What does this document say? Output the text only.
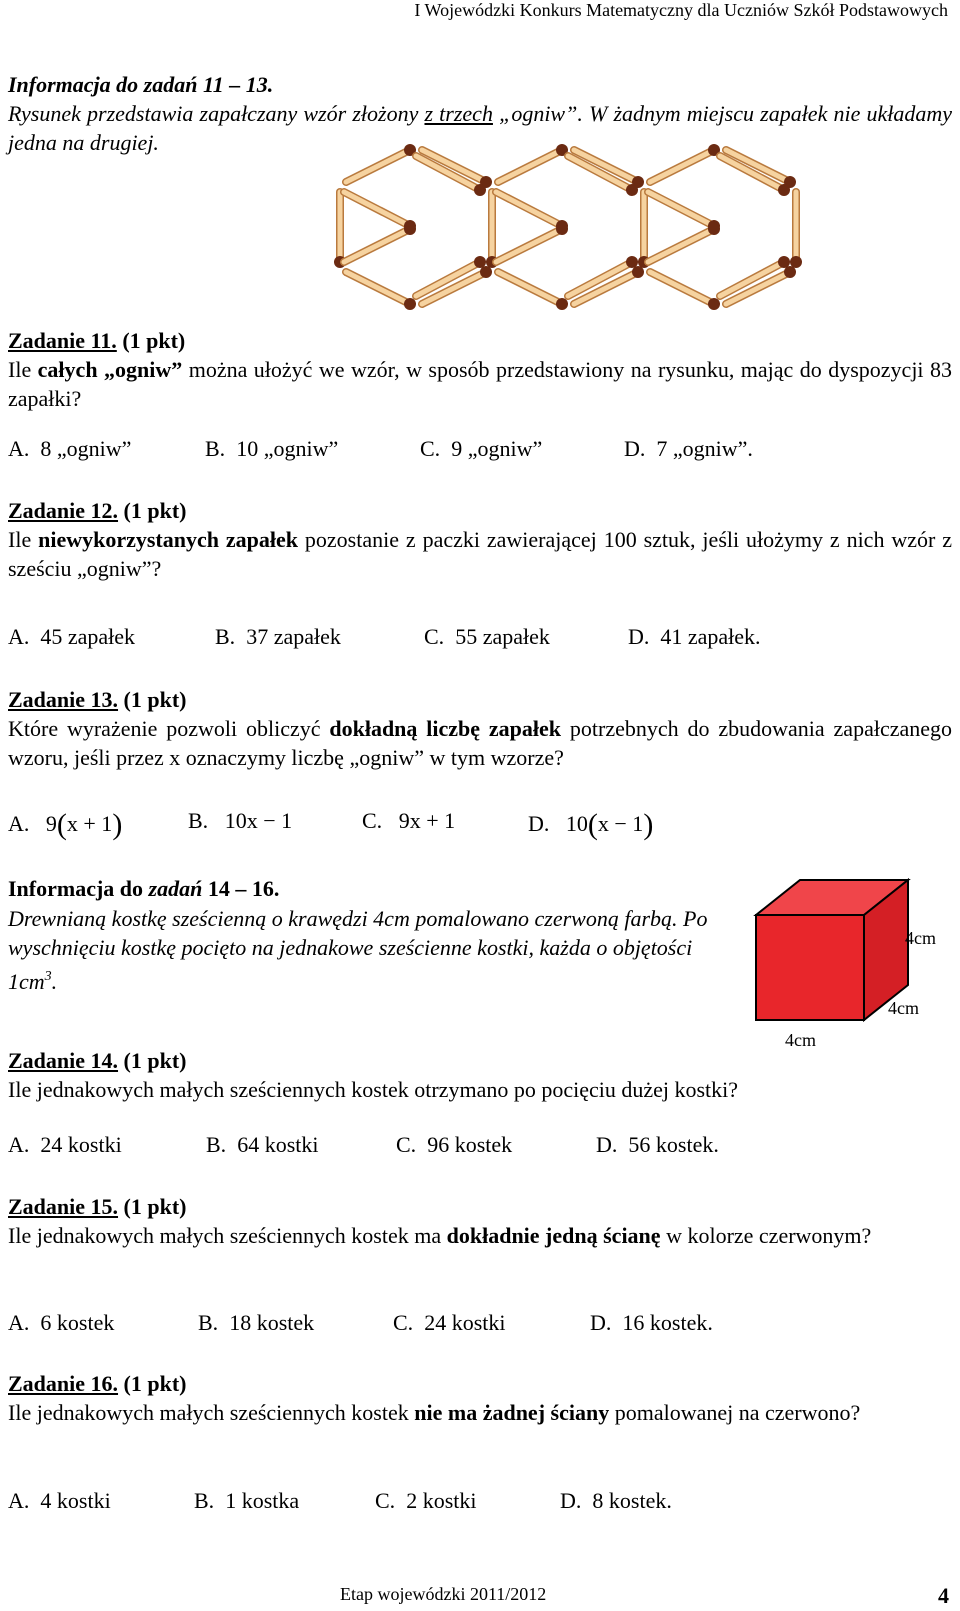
I Wojewódzki Konkurs Matematyczny dla Uczniów Szkół Podstawowych
Informacja do zadań 11 – 13.
Rysunek przedstawia zapałczany wzór złożony z trzech „ogniw”. W żadnym miejscu zapałek nie układamy jedna na drugiej.
Zadanie 11. (1 pkt)
Ile całych „ogniw” można ułożyć we wzór, w sposób przedstawiony na rysunku, mając do dyspozycji 83 zapałki?
A. 8 „ogniw”	B. 10 „ogniw”	C. 9 „ogniw”	D. 7 „ogniw”.
Zadanie 12. (1 pkt)
Ile niewykorzystanych zapałek pozostanie z paczki zawierającej 100 sztuk, jeśli ułożymy z nich wzór z sześciu „ogniw”?
A. 45 zapałek	B. 37 zapałek	C. 55 zapałek	D. 41 zapałek.
Zadanie 13. (1 pkt)
Które wyrażenie pozwoli obliczyć dokładną liczbę zapałek potrzebnych do zbudowania zapałczanego wzoru, jeśli przez x oznaczymy liczbę „ogniw” w tym wzorze?
A. 9(x + 1)	B. 10x − 1	C. 9x + 1	D. 10(x − 1)
Informacja do zadań 14 – 16.
Drewnianą kostkę sześcienną o krawędzi 4cm pomalowano czerwoną farbą. Po wyschnięciu kostkę pocięto na jednakowe sześcienne kostki, każda o objętości $1cm^3$.
4cm
4cm
4cm
Zadanie 14. (1 pkt)
Ile jednakowych małych sześciennych kostek otrzymano po pocięciu dużej kostki?
A. 24 kostki	B. 64 kostki	C. 96 kostek	D. 56 kostek.
Zadanie 15. (1 pkt)
Ile jednakowych małych sześciennych kostek ma dokładnie jedną ścianę w kolorze czerwonym?
A. 6 kostek	B. 18 kostek	C. 24 kostki	D. 16 kostek.
Zadanie 16. (1 pkt)
Ile jednakowych małych sześciennych kostek nie ma żadnej ściany pomalowanej na czerwono?
A. 4 kostki	B. 1 kostka	C. 2 kostki	D. 8 kostek.
Etap wojewódzki 2011/2012	4
